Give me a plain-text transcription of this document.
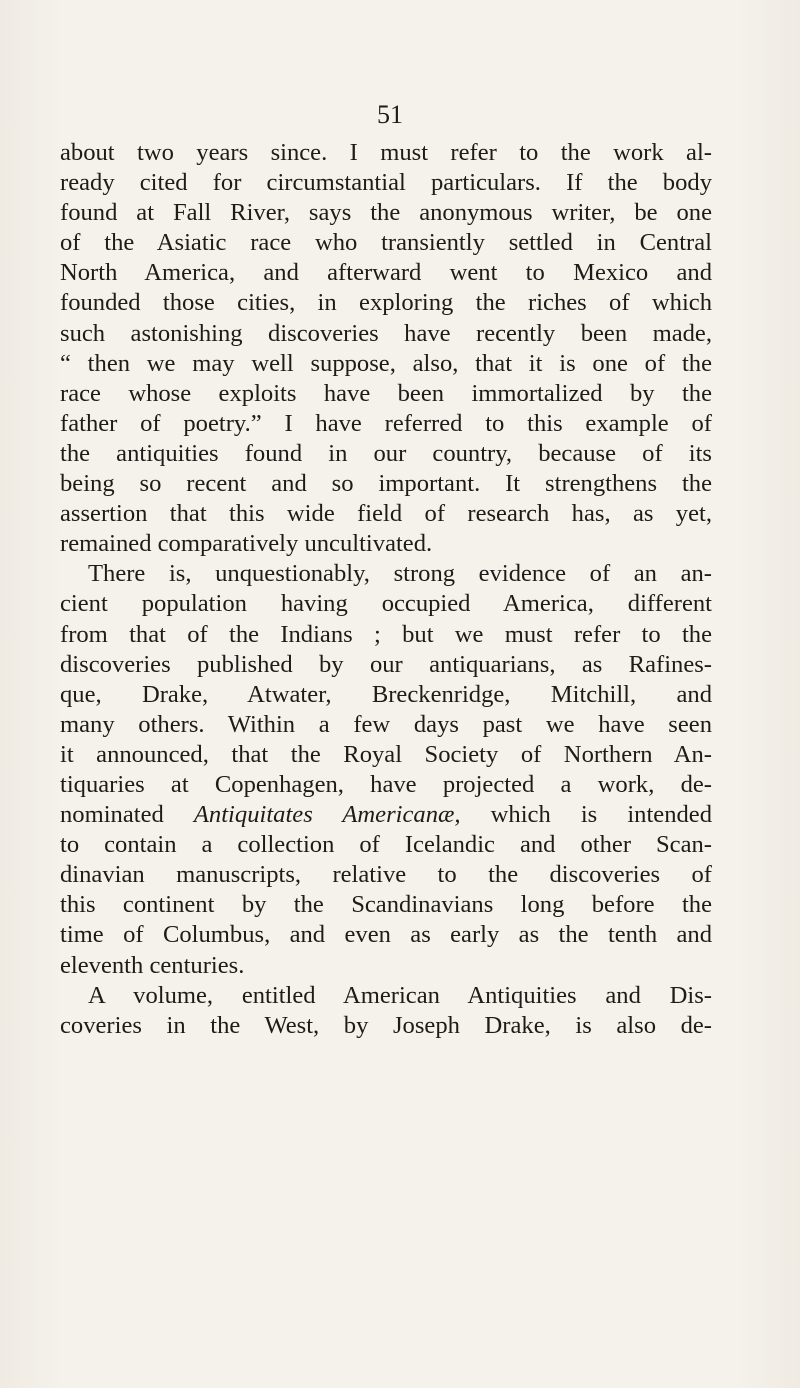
51
about two years since. I must refer to the work al-
ready cited for circumstantial particulars. If the body
found at Fall River, says the anonymous writer, be one
of the Asiatic race who transiently settled in Central
North America, and afterward went to Mexico and
founded those cities, in exploring the riches of which
such astonishing discoveries have recently been made,
“ then we may well suppose, also, that it is one of the
race whose exploits have been immortalized by the
father of poetry.” I have referred to this example of
the antiquities found in our country, because of its
being so recent and so important. It strengthens the
assertion that this wide field of research has, as yet,
remained comparatively uncultivated.
There is, unquestionably, strong evidence of an an-
cient population having occupied America, different
from that of the Indians ; but we must refer to the
discoveries published by our antiquarians, as Rafines-
que, Drake, Atwater, Breckenridge, Mitchill, and
many others. Within a few days past we have seen
it announced, that the Royal Society of Northern An-
tiquaries at Copenhagen, have projected a work, de-
nominated Antiquitates Americanæ, which is intended
to contain a collection of Icelandic and other Scan-
dinavian manuscripts, relative to the discoveries of
this continent by the Scandinavians long before the
time of Columbus, and even as early as the tenth and
eleventh centuries.
A volume, entitled American Antiquities and Dis-
coveries in the West, by Joseph Drake, is also de-
